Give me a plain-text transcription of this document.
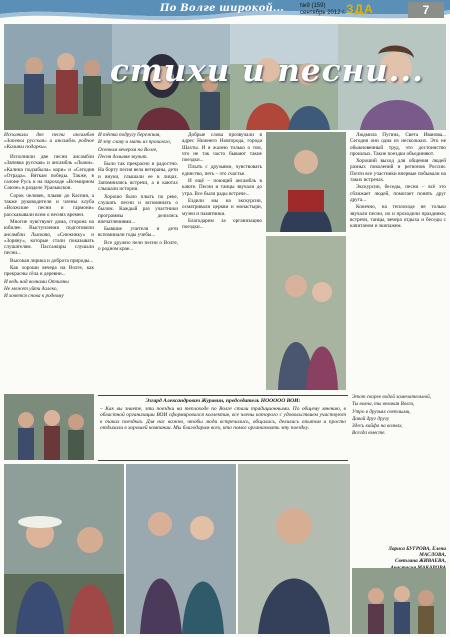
По Волге широкой...	№9 (159)
сентябрь 2012 г. ЗДА	7
стихи и песни...
Исполнили две песни ансамбля «Запевка русская» и ансамбль родное «Калины подарки».

Исполнили две песни ансамбли «Запевка русская» и ансамбль «Лыжи». «Калина подзабыла» кори» и «Сегодня «Отрада». Вяткам победы. Также, в салоне Русь и на пароходе «Всемирном Союзе» в разделе Уралыкскои.

Сорок человек, плыви до Каспия, а также руководители и члены клуба «Волжские песни и гармони» рассказывали всем о песнях времен.

Многие чувствуют дома, сторона на юбилее. Выступления подготовили ансамбли Лысково, «Снежинку» и «Зоряну», которые стали показывать слушателям. Пассажиры слушали песни...

Высокая лирика и доброта природы...

Как хороши вечера на Волге, как прекрасны сёла и деревни...

И ведь над волнами Отчизны

Не может уйти далеко,

И хочется снова к родному

И тётка подругу бережная,

И эту славу и мать из прошлого,

Осенним вечером на Волге,

Песня дальняя звучит.

Было так прекрасно и радостно. На борту песня вела ветераны, дети и внуки, слышали ее в лицах. Запомнились встречи, а в каютах слышали истории.

Хорошо было плыть по реке, слушать песни и вспоминать о былом. Каждый раз участники программы делились впечатлениями...

Бывшие учителя и дети вспоминали годы учебы...

Все дружно пели песни о Волге, о родном крае...

Добрые слова прозвучали в адрес Нижнего Новгорода, города Шахты. И я жалею только о том, что не так часто бывают такие поездки...

Плыть с друзьями, чувствовать единство, петь – это счастье.

И ещё – поющий ансамбль в каюте. Песни и танцы звучали до утра. Все были рады встрече...

Ездили мы на экскурсии, осматривали церкви и монастыри, музеи и памятники.

Благодарим за организацию поездки...

Людмила Пугина, Света Иванова... Сегодня они одна из нескольких. Это не обыкновенный труд, это достоинство прошлых. Такие поездки объединяют.

Хороший выход для общения людей разных поколений и регионов России. Почти все участники впервые побывали на таких встречах.

Экскурсии, беседы, песни – всё это сближает людей, помогает понять друг друга...

Конечно, на теплоходе не только звучали песни, но и проходили праздники, встречи, танцы, вечера отдыха и беседы с капитаном и экипажем.

Эзгард Александрович Журавин, председатель НООООО ВОИ:
– Как вы знаете, эти поездки на теплоходе по Волге стали традиционными. По общему мнению, в областной организации ВОИ сформировался коллектив, все члены которого с удовольствием участвуют в таких поездках. Для нас важно, чтобы люди встречались, общались, делились опытом и просто отдыхали в хорошей компании. Мы благодарим всех, кто помог организовать эту поездку.

Этот скорее водой замечательной,

Ты волна, ты великая Волга,

Утро в друзьях светлыми,

Давай друг другу

Здесь кайфа на волнах,

Всегда вместе.

Лариса БУГРОВА, Елена МАСЛОВА,
Светлана ЖИВАЕВА,
